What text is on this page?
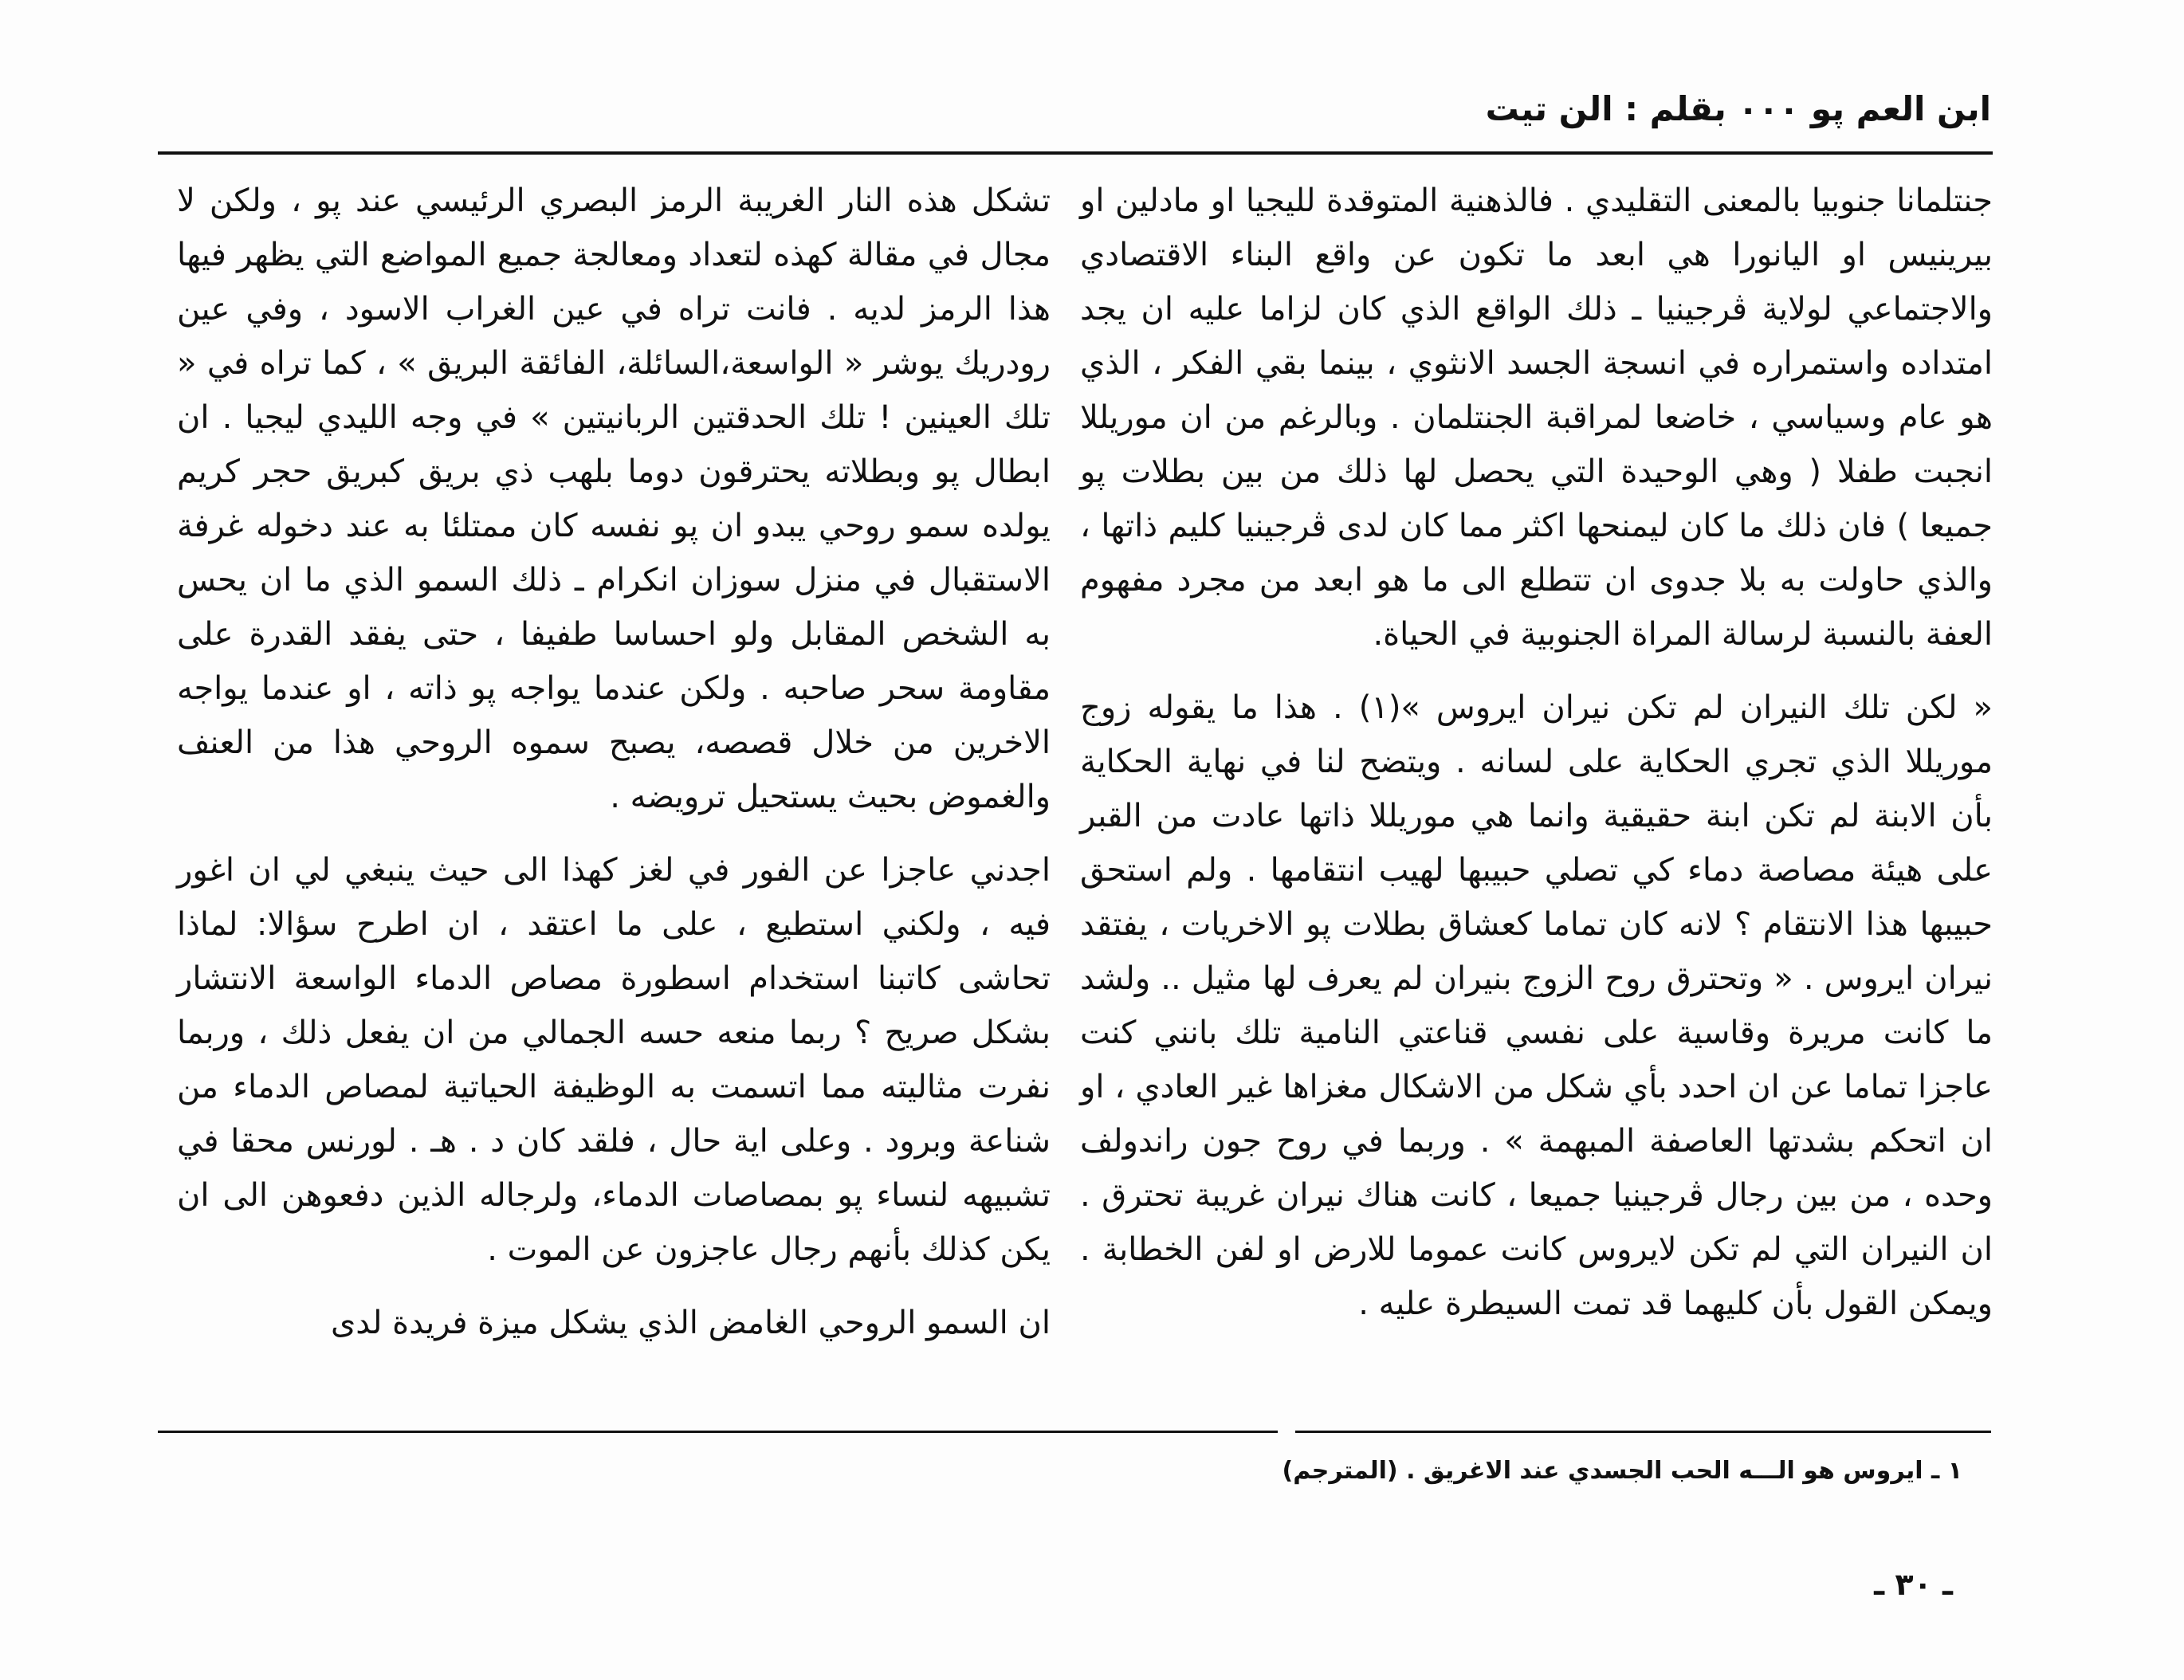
ابن العم پو ٠٠٠ بقلم : الن تيت

جنتلمانا جنوبيا بالمعنى التقليدي . فالذهنية المتوقدة لليجيا او مادلين او بيرينيس او اليانورا هي ابعد ما تكون عن واقع البناء الاقتصادي والاجتماعي لولاية ڤرجينيا ـ ذلك الواقع الذي كان لزاما عليه ان يجد امتداده واستمراره في انسجة الجسد الانثوي ، بينما بقي الفكر ، الذي هو عام وسياسي ، خاضعا لمراقبة الجنتلمان . وبالرغم من ان موريللا انجبت طفلا ( وهي الوحيدة التي يحصل لها ذلك من بين بطلات پو جميعا ) فان ذلك ما كان ليمنحها اكثر مما كان لدى ڤرجينيا كليم ذاتها ، والذي حاولت به بلا جدوى ان تتطلع الى ما هو ابعد من مجرد مفهوم العفة بالنسبة لرسالة المراة الجنوبية في الحياة.

« لكن تلك النيران لم تكن نيران ايروس »(١) . هذا ما يقوله زوج موريللا الذي تجري الحكاية على لسانه . ويتضح لنا في نهاية الحكاية بأن الابنة لم تكن ابنة حقيقية وانما هي موريللا ذاتها عادت من القبر على هيئة مصاصة دماء كي تصلي حبيبها لهيب انتقامها . ولم استحق حبيبها هذا الانتقام ؟ لانه كان تماما كعشاق بطلات پو الاخريات ، يفتقد نيران ايروس . « وتحترق روح الزوج بنيران لم يعرف لها مثيل .. ولشد ما كانت مريرة وقاسية على نفسي قناعتي النامية تلك بانني كنت عاجزا تماما عن ان احدد بأي شكل من الاشكال مغزاها غير العادي ، او ان اتحكم بشدتها العاصفة المبهمة » . وربما في روح جون راندولف وحده ، من بين رجال ڤرجينيا جميعا ، كانت هناك نيران غريبة تحترق . ان النيران التي لم تكن لايروس كانت عموما للارض او لفن الخطابة . ويمكن القول بأن كليهما قد تمت السيطرة عليه .

تشكل هذه النار الغريبة الرمز البصري الرئيسي عند پو ، ولكن لا مجال في مقالة كهذه لتعداد ومعالجة جميع المواضع التي يظهر فيها هذا الرمز لديه . فانت تراه في عين الغراب الاسود ، وفي عين رودريك يوشر « الواسعة،السائلة، الفائقة البريق » ، كما تراه في « تلك العينين ! تلك الحدقتين الربانيتين » في وجه الليدي ليجيا . ان ابطال پو وبطلاته يحترقون دوما بلهب ذي بريق كبريق حجر كريم يولده سمو روحي يبدو ان پو نفسه كان ممتلئا به عند دخوله غرفة الاستقبال في منزل سوزان انكرام ـ ذلك السمو الذي ما ان يحس به الشخص المقابل ولو احساسا طفيفا ، حتى يفقد القدرة على مقاومة سحر صاحبه . ولكن عندما يواجه پو ذاته ، او عندما يواجه الاخرين من خلال قصصه، يصبح سموه الروحي هذا من العنف والغموض بحيث يستحيل ترويضه .

اجدني عاجزا عن الفور في لغز كهذا الى حيث ينبغي لي ان اغور فيه ، ولكني استطيع ، على ما اعتقد ، ان اطرح سؤالا: لماذا تحاشى كاتبنا استخدام اسطورة مصاص الدماء الواسعة الانتشار بشكل صريح ؟ ربما منعه حسه الجمالي من ان يفعل ذلك ، وربما نفرت مثاليته مما اتسمت به الوظيفة الحياتية لمصاص الدماء من شناعة وبرود . وعلى اية حال ، فلقد كان د . هـ . لورنس محقا في تشبيهه لنساء پو بمصاصات الدماء، ولرجاله الذين دفعوهن الى ان يكن كذلك بأنهم رجال عاجزون عن الموت .

ان السمو الروحي الغامض الذي يشكل ميزة فريدة لدى

١ ـ ايروس هو الـــه الحب الجسدي عند الاغريق . (المترجم)
ـ ٣٠ ـ
